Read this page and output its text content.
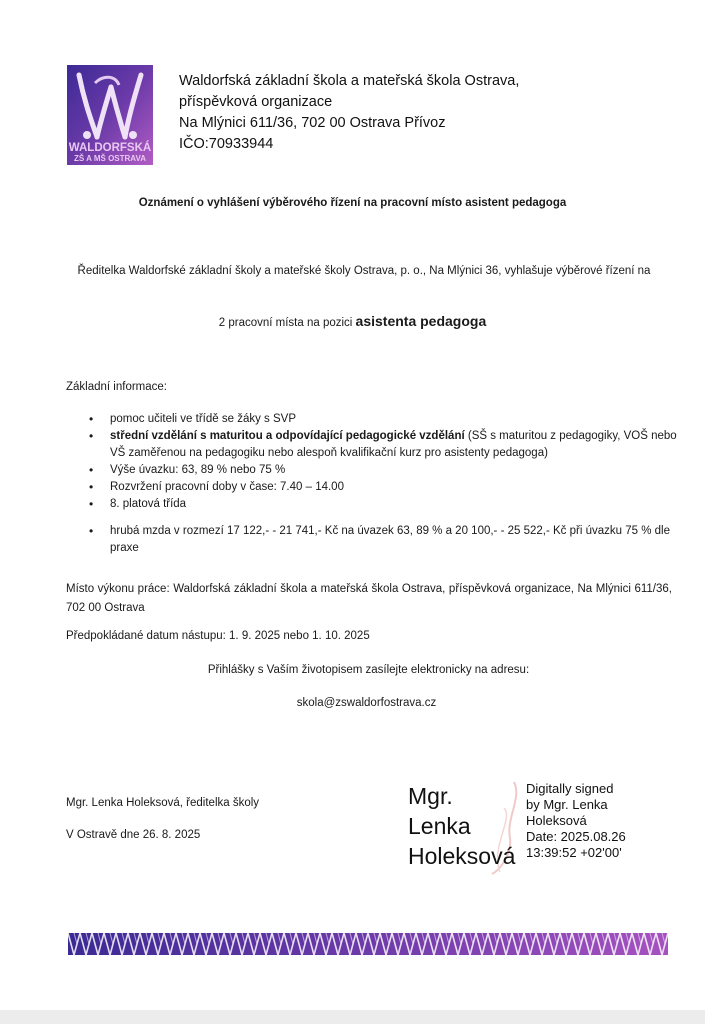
WALDORFSKÁ
ZŠ A MŠ OSTRAVA
Waldorfská základní škola a mateřská škola Ostrava,
příspěvková organizace
Na Mlýnici 611/36, 702 00 Ostrava Přívoz
IČO:70933944
Oznámení o vyhlášení výběrového řízení na pracovní místo asistent pedagoga
Ředitelka Waldorfské základní školy a mateřské školy Ostrava, p. o., Na Mlýnici 36, vyhlašuje výběrové řízení na
2 pracovní místa na pozici asistenta pedagoga
Základní informace:
• pomoc učiteli ve třídě se žáky s SVP
• střední vzdělání s maturitou a odpovídající pedagogické vzdělání (SŠ s maturitou z pedagogiky, VOŠ nebo VŠ zaměřenou na pedagogiku nebo alespoň kvalifikační kurz pro asistenty pedagoga)
• Výše úvazku: 63, 89 % nebo 75 %
• Rozvržení pracovní doby v čase: 7.40 – 14.00
• 8. platová třída
• hrubá mzda v rozmezí 17 122,- - 21 741,- Kč na úvazek 63, 89 % a 20 100,- - 25 522,- Kč při úvazku 75 % dle praxe
Místo výkonu práce: Waldorfská základní škola a mateřská škola Ostrava, příspěvková organizace, Na Mlýnici 611/36, 702 00 Ostrava
Předpokládané datum nástupu: 1. 9. 2025 nebo 1. 10. 2025
Přihlášky s Vaším životopisem zasílejte elektronicky na adresu:
skola@zswaldorfostrava.cz
Mgr. Lenka Holeksová, ředitelka školy
V Ostravě dne 26. 8. 2025
Mgr.
Lenka
Holeksová
Digitally signed
by Mgr. Lenka
Holeksová
Date: 2025.08.26
13:39:52 +02'00'
